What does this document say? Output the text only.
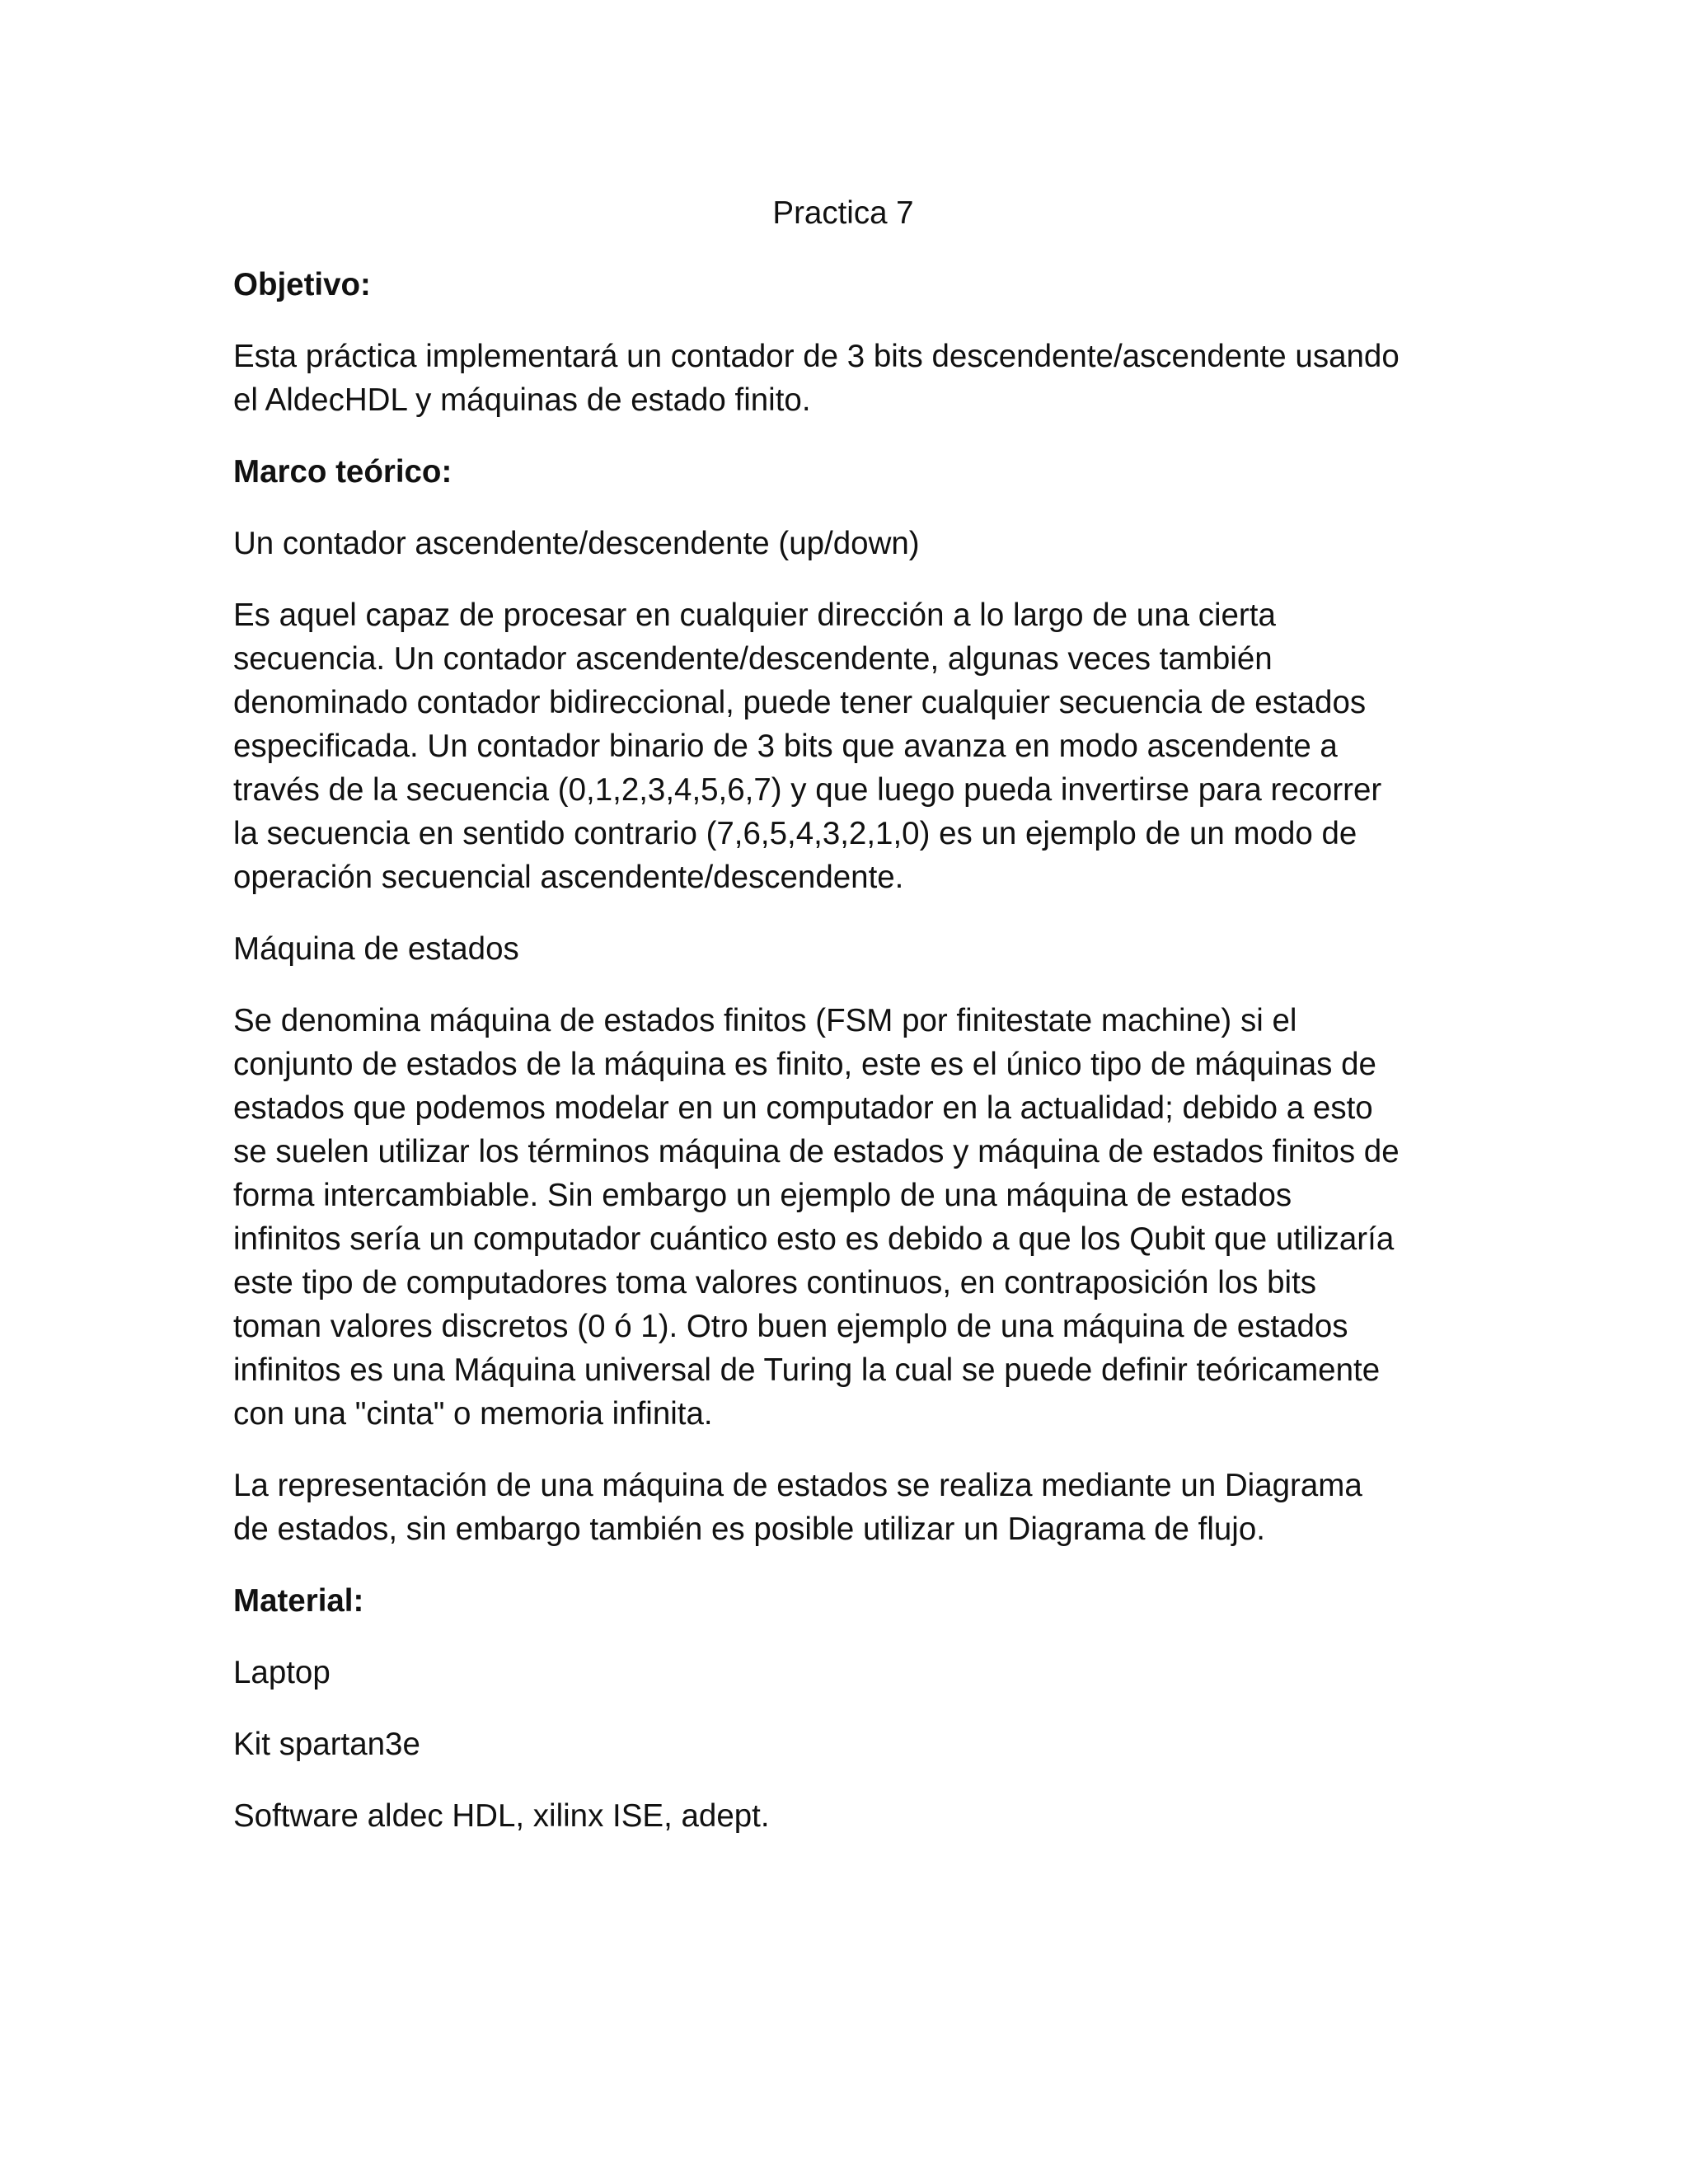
Practica 7
Objetivo:
Esta práctica implementará un contador de 3 bits descendente/ascendente usando
el AldecHDL y máquinas de estado finito.
Marco teórico:
Un contador ascendente/descendente (up/down)
Es aquel capaz de procesar en cualquier dirección a lo largo de una cierta
secuencia. Un contador ascendente/descendente, algunas veces también
denominado contador bidireccional, puede tener cualquier secuencia de estados
especificada. Un contador binario de 3 bits que avanza en modo ascendente a
través de la secuencia (0,1,2,3,4,5,6,7) y que luego pueda invertirse para recorrer
la secuencia en sentido contrario (7,6,5,4,3,2,1,0) es un ejemplo de un modo de
operación secuencial ascendente/descendente.
Máquina de estados
Se denomina máquina de estados finitos (FSM por finitestate machine) si el
conjunto de estados de la máquina es finito, este es el único tipo de máquinas de
estados que podemos modelar en un computador en la actualidad; debido a esto
se suelen utilizar los términos máquina de estados y máquina de estados finitos de
forma intercambiable. Sin embargo un ejemplo de una máquina de estados
infinitos sería un computador cuántico esto es debido a que los Qubit que utilizaría
este tipo de computadores toma valores continuos, en contraposición los bits
toman valores discretos (0 ó 1). Otro buen ejemplo de una máquina de estados
infinitos es una Máquina universal de Turing la cual se puede definir teóricamente
con una "cinta" o memoria infinita.
La representación de una máquina de estados se realiza mediante un Diagrama
de estados, sin embargo también es posible utilizar un Diagrama de flujo.
Material:
Laptop
Kit spartan3e
Software aldec HDL, xilinx ISE, adept.
